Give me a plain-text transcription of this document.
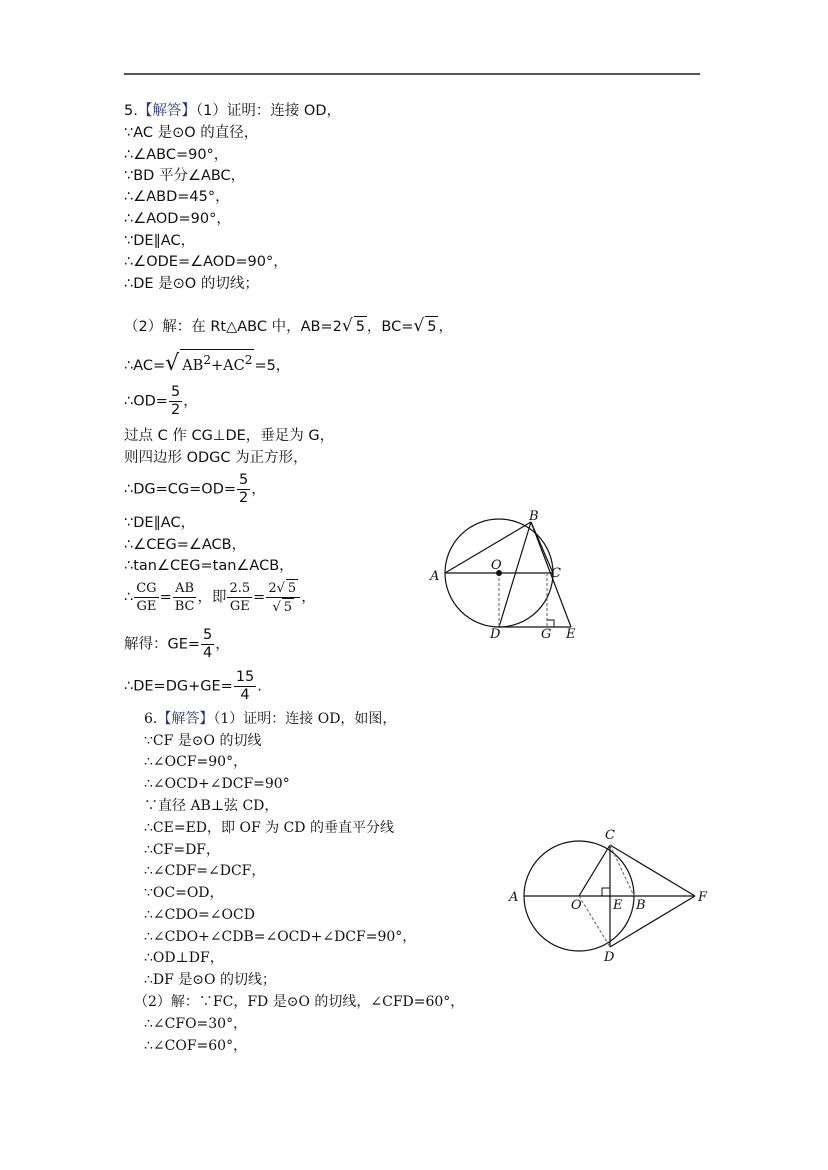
5.【解答】（1）证明：连接 OD，
∵AC 是⊙O 的直径，
∴∠ABC=90°，
∵BD 平分∠ABC，
∴∠ABD=45°，
∴∠AOD=90°，
∵DE∥AC，
∴∠ODE=∠AOD=90°，
∴DE 是⊙O 的切线；
（2）解：在 Rt△ABC 中，AB=2√ 5 ，BC=√ 5 ，
∴AC=√ $AB^2+AC^2 =5$，
∴OD= $\frac{5}{2}$ ，
过点 C 作 CG⊥DE，垂足为 G，
则四边形 ODGC 为正方形，
∴DG=CG=OD= $\frac{5}{2}$ ，
∵DE∥AC，
∴∠CEG=∠ACB，
∴tan∠CEG=tan∠ACB，
∴ $\frac{CG}{GE} = \frac{AB}{BC}$ ，即 $\frac{2.5}{GE} = \frac{2√ 5}{√ 5}$ ，
解得：$GE= \frac{5}{4}$ ，
∴DE=DG+GE= $\frac{15}{4}$ .
A
B
O
C
D	G E
6.【解答】（1）证明：连接 OD，如图，
∵CF 是⊙O 的切线
∴∠OCF=90°，
∴∠OCD+∠DCF=90°
∵直径 AB⊥弦 CD，
∴CE=ED，即 OF 为 CD 的垂直平分线
∴CF=DF，
∴∠CDF=∠DCF，
∵OC=OD，
∴∠CDO=∠OCD
∴∠CDO+∠CDB=∠OCD+∠DCF=90°，
∴OD⊥DF，
∴DF 是⊙O 的切线；
（2）解：∵FC，FD 是⊙O 的切线，∠CFD=60°，
∴∠CFO=30°，
∴∠COF=60°，
C
A
O E B
F
D
